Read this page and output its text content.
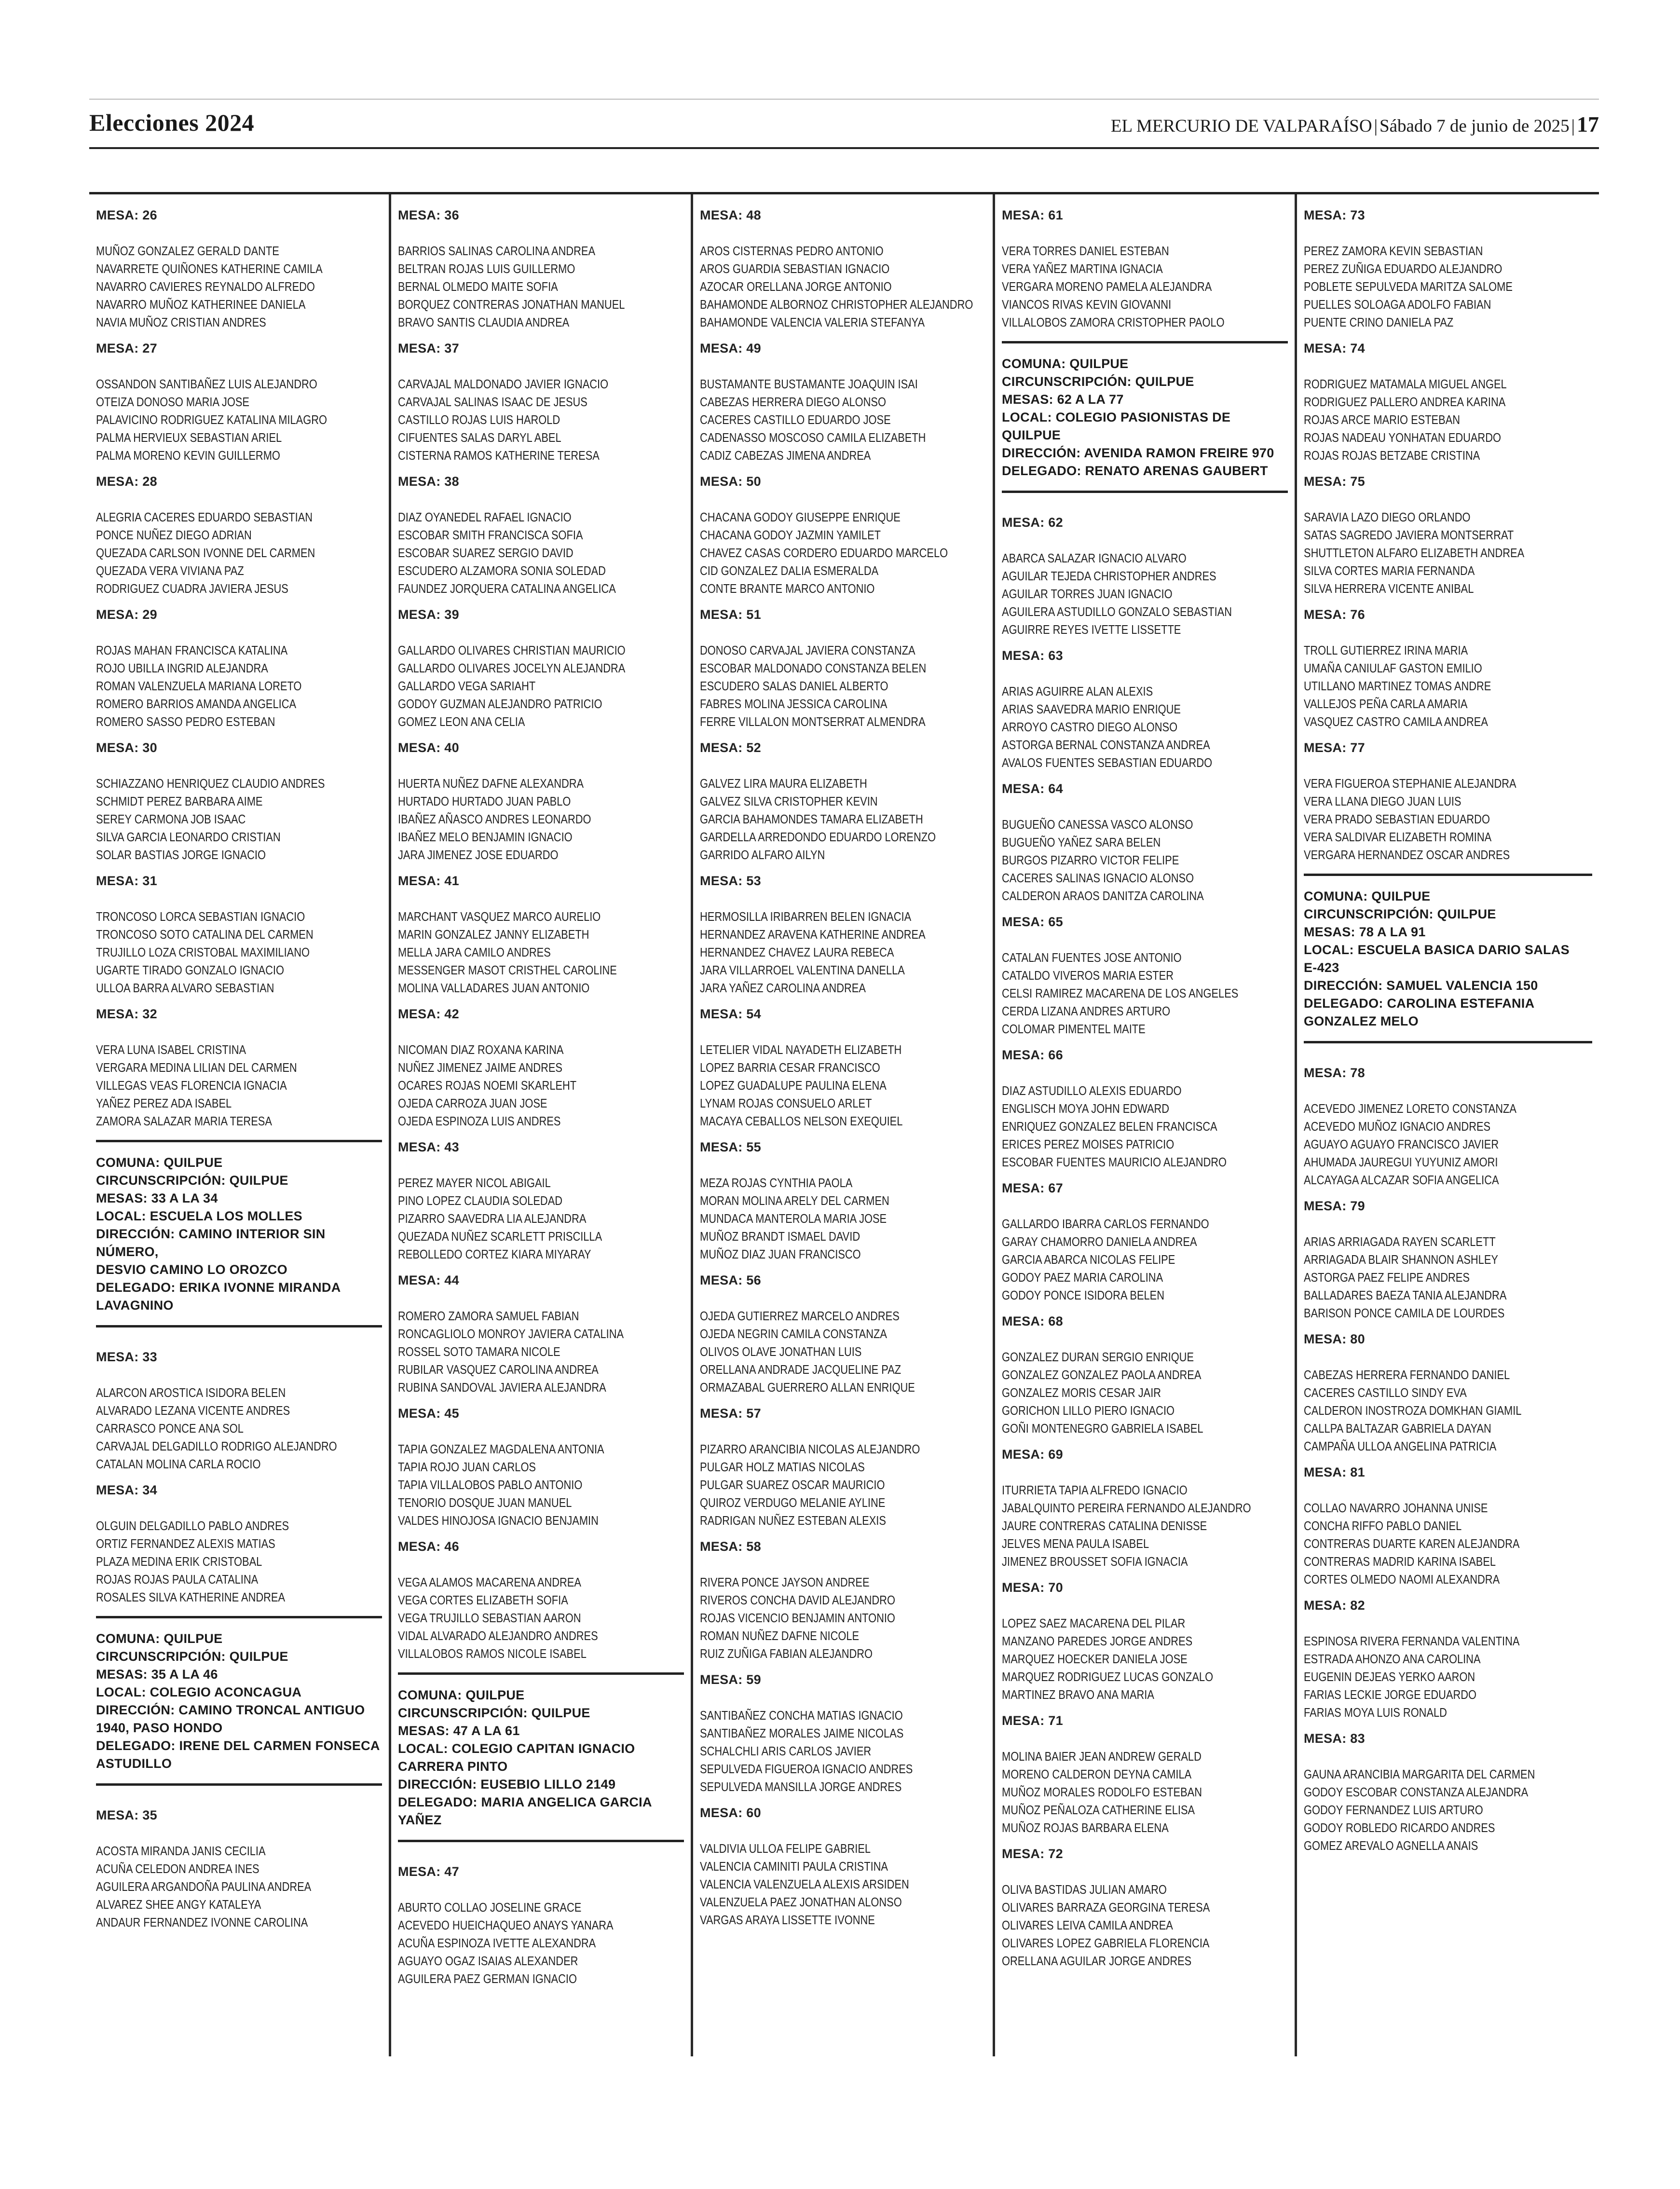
Elecciones 2024	EL MERCURIO DE VALPARAÍSO | Sábado 7 de junio de 2025 |17
MESA: 26
MUÑOZ GONZALEZ GERALD DANTE
NAVARRETE QUIÑONES KATHERINE CAMILA
NAVARRO CAVIERES REYNALDO ALFREDO
NAVARRO MUÑOZ KATHERINEE DANIELA
NAVIA MUÑOZ CRISTIAN ANDRES
MESA: 27
OSSANDON SANTIBAÑEZ LUIS ALEJANDRO
OTEIZA DONOSO MARIA JOSE
PALAVICINO RODRIGUEZ KATALINA MILAGRO
PALMA HERVIEUX SEBASTIAN ARIEL
PALMA MORENO KEVIN GUILLERMO
MESA: 28
ALEGRIA CACERES EDUARDO SEBASTIAN
PONCE NUÑEZ DIEGO ADRIAN
QUEZADA CARLSON IVONNE DEL CARMEN
QUEZADA VERA VIVIANA PAZ
RODRIGUEZ CUADRA JAVIERA JESUS
MESA: 29
ROJAS MAHAN FRANCISCA KATALINA
ROJO UBILLA INGRID ALEJANDRA
ROMAN VALENZUELA MARIANA LORETO
ROMERO BARRIOS AMANDA ANGELICA
ROMERO SASSO PEDRO ESTEBAN
MESA: 30
SCHIAZZANO HENRIQUEZ CLAUDIO ANDRES
SCHMIDT PEREZ BARBARA AIME
SEREY CARMONA JOB ISAAC
SILVA GARCIA LEONARDO CRISTIAN
SOLAR BASTIAS JORGE IGNACIO
MESA: 31
TRONCOSO LORCA SEBASTIAN IGNACIO
TRONCOSO SOTO CATALINA DEL CARMEN
TRUJILLO LOZA CRISTOBAL MAXIMILIANO
UGARTE TIRADO GONZALO IGNACIO
ULLOA BARRA ALVARO SEBASTIAN
MESA: 32
VERA LUNA ISABEL CRISTINA
VERGARA MEDINA LILIAN DEL CARMEN
VILLEGAS VEAS FLORENCIA IGNACIA
YAÑEZ PEREZ ADA ISABEL
ZAMORA SALAZAR MARIA TERESA
COMUNA: QUILPUE
CIRCUNSCRIPCIÓN: QUILPUE
MESAS: 33 A LA 34
LOCAL: ESCUELA LOS MOLLES
DIRECCIÓN: CAMINO INTERIOR SIN NÚMERO,
DESVIO CAMINO LO OROZCO
DELEGADO: ERIKA IVONNE MIRANDA
LAVAGNINO
MESA: 33
ALARCON AROSTICA ISIDORA BELEN
ALVARADO LEZANA VICENTE ANDRES
CARRASCO PONCE ANA SOL
CARVAJAL DELGADILLO RODRIGO ALEJANDRO
CATALAN MOLINA CARLA ROCIO
MESA: 34
OLGUIN DELGADILLO PABLO ANDRES
ORTIZ FERNANDEZ ALEXIS MATIAS
PLAZA MEDINA ERIK CRISTOBAL
ROJAS ROJAS PAULA CATALINA
ROSALES SILVA KATHERINE ANDREA
COMUNA: QUILPUE
CIRCUNSCRIPCIÓN: QUILPUE
MESAS: 35 A LA 46
LOCAL: COLEGIO ACONCAGUA
DIRECCIÓN: CAMINO TRONCAL ANTIGUO
1940, PASO HONDO
DELEGADO: IRENE DEL CARMEN FONSECA
ASTUDILLO
MESA: 35
ACOSTA MIRANDA JANIS CECILIA
ACUÑA CELEDON ANDREA INES
AGUILERA ARGANDOÑA PAULINA ANDREA
ALVAREZ SHEE ANGY KATALEYA
ANDAUR FERNANDEZ IVONNE CAROLINA
MESA: 36
BARRIOS SALINAS CAROLINA ANDREA
BELTRAN ROJAS LUIS GUILLERMO
BERNAL OLMEDO MAITE SOFIA
BORQUEZ CONTRERAS JONATHAN MANUEL
BRAVO SANTIS CLAUDIA ANDREA
MESA: 37
CARVAJAL MALDONADO JAVIER IGNACIO
CARVAJAL SALINAS ISAAC DE JESUS
CASTILLO ROJAS LUIS HAROLD
CIFUENTES SALAS DARYL ABEL
CISTERNA RAMOS KATHERINE TERESA
MESA: 38
DIAZ OYANEDEL RAFAEL IGNACIO
ESCOBAR SMITH FRANCISCA SOFIA
ESCOBAR SUAREZ SERGIO DAVID
ESCUDERO ALZAMORA SONIA SOLEDAD
FAUNDEZ JORQUERA CATALINA ANGELICA
MESA: 39
GALLARDO OLIVARES CHRISTIAN MAURICIO
GALLARDO OLIVARES JOCELYN ALEJANDRA
GALLARDO VEGA SARIAHT
GODOY GUZMAN ALEJANDRO PATRICIO
GOMEZ LEON ANA CELIA
MESA: 40
HUERTA NUÑEZ DAFNE ALEXANDRA
HURTADO HURTADO JUAN PABLO
IBAÑEZ AÑASCO ANDRES LEONARDO
IBAÑEZ MELO BENJAMIN IGNACIO
JARA JIMENEZ JOSE EDUARDO
MESA: 41
MARCHANT VASQUEZ MARCO AURELIO
MARIN GONZALEZ JANNY ELIZABETH
MELLA JARA CAMILO ANDRES
MESSENGER MASOT CRISTHEL CAROLINE
MOLINA VALLADARES JUAN ANTONIO
MESA: 42
NICOMAN DIAZ ROXANA KARINA
NUÑEZ JIMENEZ JAIME ANDRES
OCARES ROJAS NOEMI SKARLEHT
OJEDA CARROZA JUAN JOSE
OJEDA ESPINOZA LUIS ANDRES
MESA: 43
PEREZ MAYER NICOL ABIGAIL
PINO LOPEZ CLAUDIA SOLEDAD
PIZARRO SAAVEDRA LIA ALEJANDRA
QUEZADA NUÑEZ SCARLETT PRISCILLA
REBOLLEDO CORTEZ KIARA MIYARAY
MESA: 44
ROMERO ZAMORA SAMUEL FABIAN
RONCAGLIOLO MONROY JAVIERA CATALINA
ROSSEL SOTO TAMARA NICOLE
RUBILAR VASQUEZ CAROLINA ANDREA
RUBINA SANDOVAL JAVIERA ALEJANDRA
MESA: 45
TAPIA GONZALEZ MAGDALENA ANTONIA
TAPIA ROJO JUAN CARLOS
TAPIA VILLALOBOS PABLO ANTONIO
TENORIO DOSQUE JUAN MANUEL
VALDES HINOJOSA IGNACIO BENJAMIN
MESA: 46
VEGA ALAMOS MACARENA ANDREA
VEGA CORTES ELIZABETH SOFIA
VEGA TRUJILLO SEBASTIAN AARON
VIDAL ALVARADO ALEJANDRO ANDRES
VILLALOBOS RAMOS NICOLE ISABEL
COMUNA: QUILPUE
CIRCUNSCRIPCIÓN: QUILPUE
MESAS: 47 A LA 61
LOCAL: COLEGIO CAPITAN IGNACIO
CARRERA PINTO
DIRECCIÓN: EUSEBIO LILLO 2149
DELEGADO: MARIA ANGELICA GARCIA YAÑEZ
MESA: 47
ABURTO COLLAO JOSELINE GRACE
ACEVEDO HUEICHAQUEO ANAYS YANARA
ACUÑA ESPINOZA IVETTE ALEXANDRA
AGUAYO OGAZ ISAIAS ALEXANDER
AGUILERA PAEZ GERMAN IGNACIO
MESA: 48
AROS CISTERNAS PEDRO ANTONIO
AROS GUARDIA SEBASTIAN IGNACIO
AZOCAR ORELLANA JORGE ANTONIO
BAHAMONDE ALBORNOZ CHRISTOPHER ALEJANDRO
BAHAMONDE VALENCIA VALERIA STEFANYA
MESA: 49
BUSTAMANTE BUSTAMANTE JOAQUIN ISAI
CABEZAS HERRERA DIEGO ALONSO
CACERES CASTILLO EDUARDO JOSE
CADENASSO MOSCOSO CAMILA ELIZABETH
CADIZ CABEZAS JIMENA ANDREA
MESA: 50
CHACANA GODOY GIUSEPPE ENRIQUE
CHACANA GODOY JAZMIN YAMILET
CHAVEZ CASAS CORDERO EDUARDO MARCELO
CID GONZALEZ DALIA ESMERALDA
CONTE BRANTE MARCO ANTONIO
MESA: 51
DONOSO CARVAJAL JAVIERA CONSTANZA
ESCOBAR MALDONADO CONSTANZA BELEN
ESCUDERO SALAS DANIEL ALBERTO
FABRES MOLINA JESSICA CAROLINA
FERRE VILLALON MONTSERRAT ALMENDRA
MESA: 52
GALVEZ LIRA MAURA ELIZABETH
GALVEZ SILVA CRISTOPHER KEVIN
GARCIA BAHAMONDES TAMARA ELIZABETH
GARDELLA ARREDONDO EDUARDO LORENZO
GARRIDO ALFARO AILYN
MESA: 53
HERMOSILLA IRIBARREN BELEN IGNACIA
HERNANDEZ ARAVENA KATHERINE ANDREA
HERNANDEZ CHAVEZ LAURA REBECA
JARA VILLARROEL VALENTINA DANELLA
JARA YAÑEZ CAROLINA ANDREA
MESA: 54
LETELIER VIDAL NAYADETH ELIZABETH
LOPEZ BARRIA CESAR FRANCISCO
LOPEZ GUADALUPE PAULINA ELENA
LYNAM ROJAS CONSUELO ARLET
MACAYA CEBALLOS NELSON EXEQUIEL
MESA: 55
MEZA ROJAS CYNTHIA PAOLA
MORAN MOLINA ARELY DEL CARMEN
MUNDACA MANTEROLA MARIA JOSE
MUÑOZ BRANDT ISMAEL DAVID
MUÑOZ DIAZ JUAN FRANCISCO
MESA: 56
OJEDA GUTIERREZ MARCELO ANDRES
OJEDA NEGRIN CAMILA CONSTANZA
OLIVOS OLAVE JONATHAN LUIS
ORELLANA ANDRADE JACQUELINE PAZ
ORMAZABAL GUERRERO ALLAN ENRIQUE
MESA: 57
PIZARRO ARANCIBIA NICOLAS ALEJANDRO
PULGAR HOLZ MATIAS NICOLAS
PULGAR SUAREZ OSCAR MAURICIO
QUIROZ VERDUGO MELANIE AYLINE
RADRIGAN NUÑEZ ESTEBAN ALEXIS
MESA: 58
RIVERA PONCE JAYSON ANDREE
RIVEROS CONCHA DAVID ALEJANDRO
ROJAS VICENCIO BENJAMIN ANTONIO
ROMAN NUÑEZ DAFNE NICOLE
RUIZ ZUÑIGA FABIAN ALEJANDRO
MESA: 59
SANTIBAÑEZ CONCHA MATIAS IGNACIO
SANTIBAÑEZ MORALES JAIME NICOLAS
SCHALCHLI ARIS CARLOS JAVIER
SEPULVEDA FIGUEROA IGNACIO ANDRES
SEPULVEDA MANSILLA JORGE ANDRES
MESA: 60
VALDIVIA ULLOA FELIPE GABRIEL
VALENCIA CAMINITI PAULA CRISTINA
VALENCIA VALENZUELA ALEXIS ARSIDEN
VALENZUELA PAEZ JONATHAN ALONSO
VARGAS ARAYA LISSETTE IVONNE
MESA: 61
VERA TORRES DANIEL ESTEBAN
VERA YAÑEZ MARTINA IGNACIA
VERGARA MORENO PAMELA ALEJANDRA
VIANCOS RIVAS KEVIN GIOVANNI
VILLALOBOS ZAMORA CRISTOPHER PAOLO
COMUNA: QUILPUE
CIRCUNSCRIPCIÓN: QUILPUE
MESAS: 62 A LA 77
LOCAL: COLEGIO PASIONISTAS DE QUILPUE
DIRECCIÓN: AVENIDA RAMON FREIRE 970
DELEGADO: RENATO ARENAS GAUBERT
MESA: 62
ABARCA SALAZAR IGNACIO ALVARO
AGUILAR TEJEDA CHRISTOPHER ANDRES
AGUILAR TORRES JUAN IGNACIO
AGUILERA ASTUDILLO GONZALO SEBASTIAN
AGUIRRE REYES IVETTE LISSETTE
MESA: 63
ARIAS AGUIRRE ALAN ALEXIS
ARIAS SAAVEDRA MARIO ENRIQUE
ARROYO CASTRO DIEGO ALONSO
ASTORGA BERNAL CONSTANZA ANDREA
AVALOS FUENTES SEBASTIAN EDUARDO
MESA: 64
BUGUEÑO CANESSA VASCO ALONSO
BUGUEÑO YAÑEZ SARA BELEN
BURGOS PIZARRO VICTOR FELIPE
CACERES SALINAS IGNACIO ALONSO
CALDERON ARAOS DANITZA CAROLINA
MESA: 65
CATALAN FUENTES JOSE ANTONIO
CATALDO VIVEROS MARIA ESTER
CELSI RAMIREZ MACARENA DE LOS ANGELES
CERDA LIZANA ANDRES ARTURO
COLOMAR PIMENTEL MAITE
MESA: 66
DIAZ ASTUDILLO ALEXIS EDUARDO
ENGLISCH MOYA JOHN EDWARD
ENRIQUEZ GONZALEZ BELEN FRANCISCA
ERICES PEREZ MOISES PATRICIO
ESCOBAR FUENTES MAURICIO ALEJANDRO
MESA: 67
GALLARDO IBARRA CARLOS FERNANDO
GARAY CHAMORRO DANIELA ANDREA
GARCIA ABARCA NICOLAS FELIPE
GODOY PAEZ MARIA CAROLINA
GODOY PONCE ISIDORA BELEN
MESA: 68
GONZALEZ DURAN SERGIO ENRIQUE
GONZALEZ GONZALEZ PAOLA ANDREA
GONZALEZ MORIS CESAR JAIR
GORICHON LILLO PIERO IGNACIO
GOÑI MONTENEGRO GABRIELA ISABEL
MESA: 69
ITURRIETA TAPIA ALFREDO IGNACIO
JABALQUINTO PEREIRA FERNANDO ALEJANDRO
JAURE CONTRERAS CATALINA DENISSE
JELVES MENA PAULA ISABEL
JIMENEZ BROUSSET SOFIA IGNACIA
MESA: 70
LOPEZ SAEZ MACARENA DEL PILAR
MANZANO PAREDES JORGE ANDRES
MARQUEZ HOECKER DANIELA JOSE
MARQUEZ RODRIGUEZ LUCAS GONZALO
MARTINEZ BRAVO ANA MARIA
MESA: 71
MOLINA BAIER JEAN ANDREW GERALD
MORENO CALDERON DEYNA CAMILA
MUÑOZ MORALES RODOLFO ESTEBAN
MUÑOZ PEÑALOZA CATHERINE ELISA
MUÑOZ ROJAS BARBARA ELENA
MESA: 72
OLIVA BASTIDAS JULIAN AMARO
OLIVARES BARRAZA GEORGINA TERESA
OLIVARES LEIVA CAMILA ANDREA
OLIVARES LOPEZ GABRIELA FLORENCIA
ORELLANA AGUILAR JORGE ANDRES
MESA: 73
PEREZ ZAMORA KEVIN SEBASTIAN
PEREZ ZUÑIGA EDUARDO ALEJANDRO
POBLETE SEPULVEDA MARITZA SALOME
PUELLES SOLOAGA ADOLFO FABIAN
PUENTE CRINO DANIELA PAZ
MESA: 74
RODRIGUEZ MATAMALA MIGUEL ANGEL
RODRIGUEZ PALLERO ANDREA KARINA
ROJAS ARCE MARIO ESTEBAN
ROJAS NADEAU YONHATAN EDUARDO
ROJAS ROJAS BETZABE CRISTINA
MESA: 75
SARAVIA LAZO DIEGO ORLANDO
SATAS SAGREDO JAVIERA MONTSERRAT
SHUTTLETON ALFARO ELIZABETH ANDREA
SILVA CORTES MARIA FERNANDA
SILVA HERRERA VICENTE ANIBAL
MESA: 76
TROLL GUTIERREZ IRINA MARIA
UMAÑA CANIULAF GASTON EMILIO
UTILLANO MARTINEZ TOMAS ANDRE
VALLEJOS PEÑA CARLA AMARIA
VASQUEZ CASTRO CAMILA ANDREA
MESA: 77
VERA FIGUEROA STEPHANIE ALEJANDRA
VERA LLANA DIEGO JUAN LUIS
VERA PRADO SEBASTIAN EDUARDO
VERA SALDIVAR ELIZABETH ROMINA
VERGARA HERNANDEZ OSCAR ANDRES
COMUNA: QUILPUE
CIRCUNSCRIPCIÓN: QUILPUE
MESAS: 78 A LA 91
LOCAL: ESCUELA BASICA DARIO SALAS
E-423
DIRECCIÓN: SAMUEL VALENCIA 150
DELEGADO: CAROLINA ESTEFANIA
GONZALEZ MELO
MESA: 78
ACEVEDO JIMENEZ LORETO CONSTANZA
ACEVEDO MUÑOZ IGNACIO ANDRES
AGUAYO AGUAYO FRANCISCO JAVIER
AHUMADA JAUREGUI YUYUNIZ AMORI
ALCAYAGA ALCAZAR SOFIA ANGELICA
MESA: 79
ARIAS ARRIAGADA RAYEN SCARLETT
ARRIAGADA BLAIR SHANNON ASHLEY
ASTORGA PAEZ FELIPE ANDRES
BALLADARES BAEZA TANIA ALEJANDRA
BARISON PONCE CAMILA DE LOURDES
MESA: 80
CABEZAS HERRERA FERNANDO DANIEL
CACERES CASTILLO SINDY EVA
CALDERON INOSTROZA DOMKHAN GIAMIL
CALLPA BALTAZAR GABRIELA DAYAN
CAMPAÑA ULLOA ANGELINA PATRICIA
MESA: 81
COLLAO NAVARRO JOHANNA UNISE
CONCHA RIFFO PABLO DANIEL
CONTRERAS DUARTE KAREN ALEJANDRA
CONTRERAS MADRID KARINA ISABEL
CORTES OLMEDO NAOMI ALEXANDRA
MESA: 82
ESPINOSA RIVERA FERNANDA VALENTINA
ESTRADA AHONZO ANA CAROLINA
EUGENIN DEJEAS YERKO AARON
FARIAS LECKIE JORGE EDUARDO
FARIAS MOYA LUIS RONALD
MESA: 83
GAUNA ARANCIBIA MARGARITA DEL CARMEN
GODOY ESCOBAR CONSTANZA ALEJANDRA
GODOY FERNANDEZ LUIS ARTURO
GODOY ROBLEDO RICARDO ANDRES
GOMEZ AREVALO AGNELLA ANAIS
